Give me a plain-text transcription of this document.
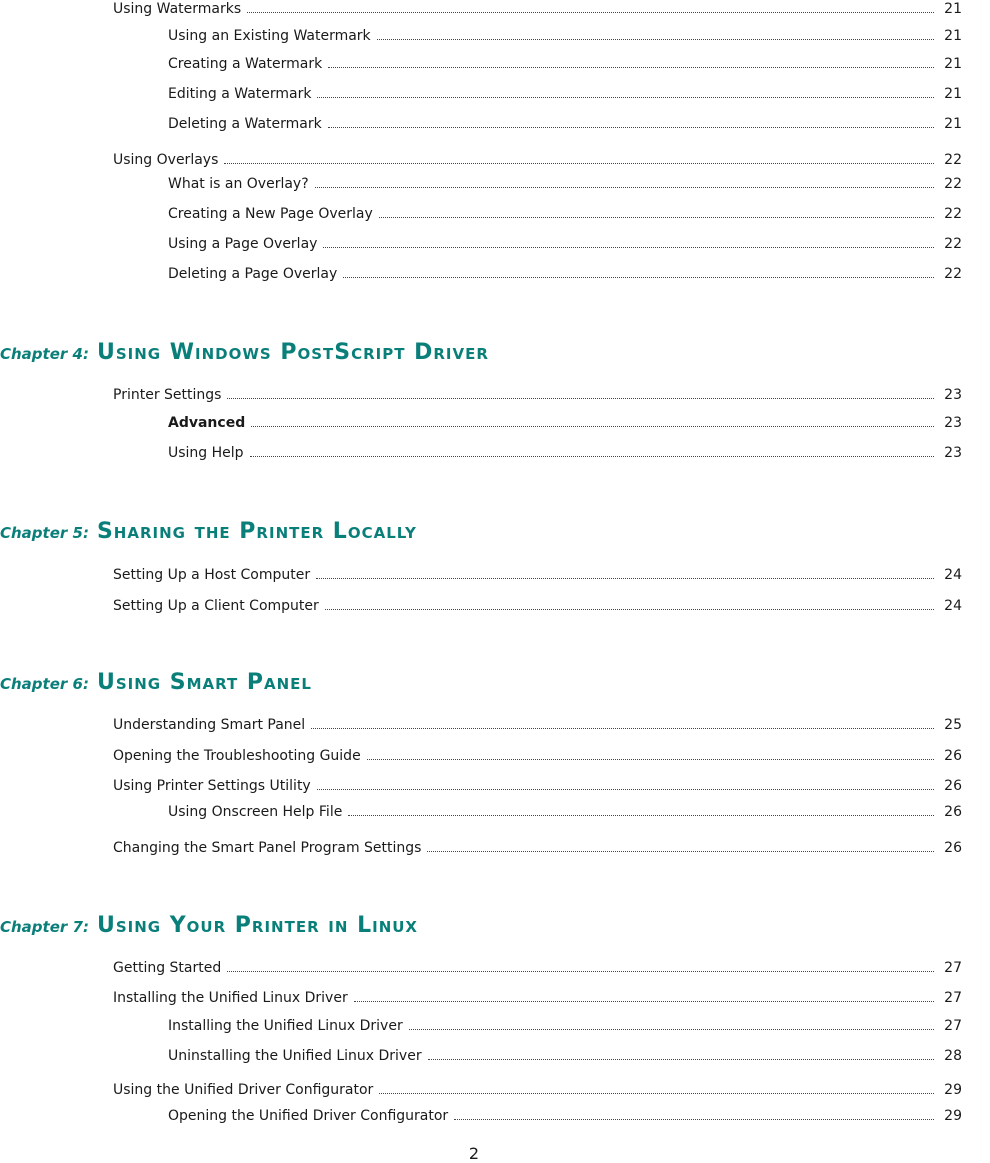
Using Watermarks	21
Using an Existing Watermark	21
Creating a Watermark	21
Editing a Watermark	21
Deleting a Watermark	21
Using Overlays	22
What is an Overlay?	22
Creating a New Page Overlay	22
Using a Page Overlay	22
Deleting a Page Overlay	22
Chapter 4: Using Windows PostScript Driver
Printer Settings	23
Advanced	23
Using Help	23
Chapter 5: Sharing the Printer Locally
Setting Up a Host Computer	24
Setting Up a Client Computer	24
Chapter 6: Using Smart Panel
Understanding Smart Panel	25
Opening the Troubleshooting Guide	26
Using Printer Settings Utility	26
Using Onscreen Help File	26
Changing the Smart Panel Program Settings	26
Chapter 7: Using Your Printer in Linux
Getting Started	27
Installing the Unified Linux Driver	27
Installing the Unified Linux Driver	27
Uninstalling the Unified Linux Driver	28
Using the Unified Driver Configurator	29
Opening the Unified Driver Configurator	29
2
